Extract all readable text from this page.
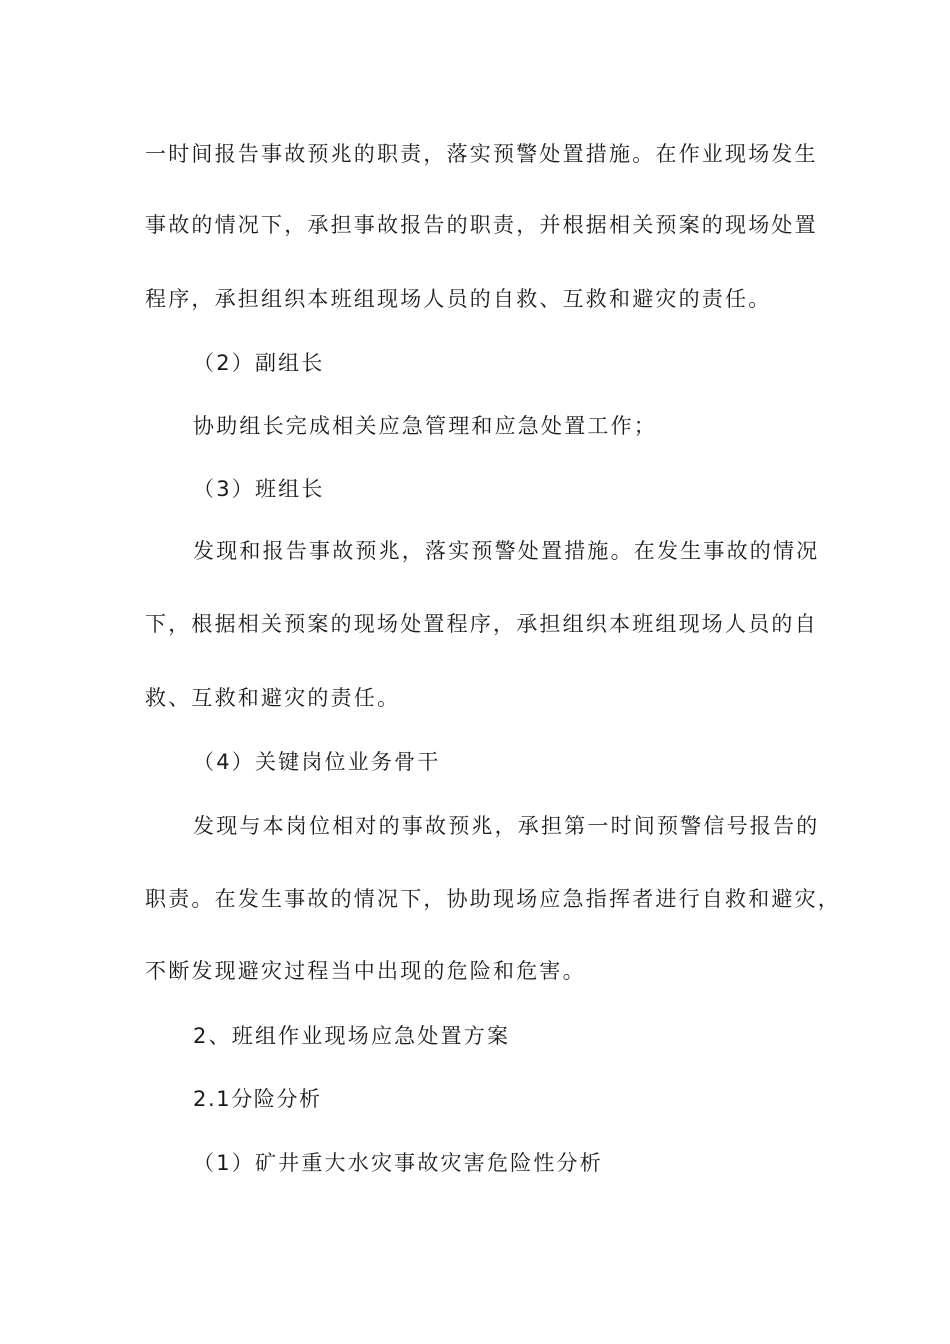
一时间报告事故预兆的职责，落实预警处置措施。在作业现场发生
事故的情况下，承担事故报告的职责，并根据相关预案的现场处置
程序，承担组织本班组现场人员的自救、互救和避灾的责任。
（2）副组长
协助组长完成相关应急管理和应急处置工作；
（3）班组长
发现和报告事故预兆，落实预警处置措施。在发生事故的情况
下，根据相关预案的现场处置程序，承担组织本班组现场人员的自
救、互救和避灾的责任。
（4）关键岗位业务骨干
发现与本岗位相对的事故预兆，承担第一时间预警信号报告的
职责。在发生事故的情况下，协助现场应急指挥者进行自救和避灾，
不断发现避灾过程当中出现的危险和危害。
2、班组作业现场应急处置方案
2.1分险分析
（1）矿井重大水灾事故灾害危险性分析
